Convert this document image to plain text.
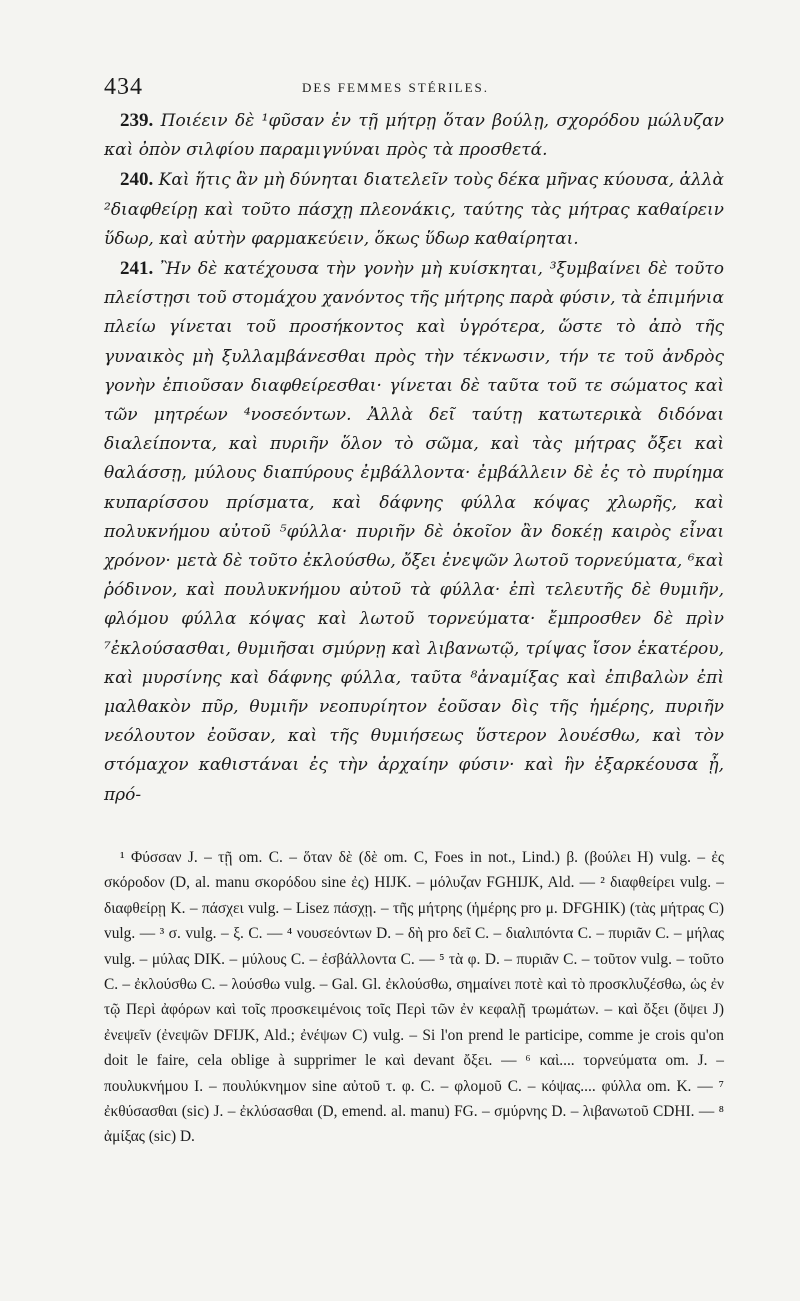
434	DES FEMMES STÉRILES.

239. Ποιέειν δὲ ¹φῦσαν ἐν τῇ μήτρῃ ὅταν βούλῃ, σχορόδου μώλυζαν καὶ ὀπὸν σιλφίου παραμιγνύναι πρὸς τὰ προσθετά.

240. Καὶ ἥτις ἂν μὴ δύνηται διατελεῖν τοὺς δέκα μῆνας κύουσα, ἀλλὰ ²διαφθείρῃ καὶ τοῦτο πάσχῃ πλεονάκις, ταύτης τὰς μήτρας καθαίρειν ὕδωρ, καὶ αὐτὴν φαρμακεύειν, ὅκως ὕδωρ καθαίρηται.

241. Ἢν δὲ κατέχουσα τὴν γονὴν μὴ κυίσκηται, ³ξυμβαίνει δὲ τοῦτο πλείστῃσι τοῦ στομάχου χανόντος τῆς μήτρης παρὰ φύσιν, τὰ ἐπιμήνια πλείω γίνεται τοῦ προσήκοντος καὶ ὑγρότερα, ὥστε τὸ ἀπὸ τῆς γυναικὸς μὴ ξυλλαμβάνεσθαι πρὸς τὴν τέκνωσιν, τήν τε τοῦ ἀνδρὸς γονὴν ἐπιοῦσαν διαφθείρεσθαι· γίνεται δὲ ταῦτα τοῦ τε σώματος καὶ τῶν μητρέων ⁴νοσεόντων. Ἀλλὰ δεῖ ταύτῃ κατωτερικὰ διδόναι διαλείποντα, καὶ πυριῆν ὅλον τὸ σῶμα, καὶ τὰς μήτρας ὄξει καὶ θαλάσσῃ, μύλους διαπύρους ἐμβάλλοντα· ἐμβάλλειν δὲ ἐς τὸ πυρίημα κυπαρίσσου πρίσματα, καὶ δάφνης φύλλα κόψας χλωρῆς, καὶ πολυκνήμου αὐτοῦ ⁵φύλλα· πυριῆν δὲ ὁκοῖον ἂν δοκέῃ καιρὸς εἶναι χρόνον· μετὰ δὲ τοῦτο ἐκλούσθω, ὄξει ἐνεψῶν λωτοῦ τορνεύματα, ⁶καὶ ῥόδινον, καὶ πουλυκνήμου αὐτοῦ τὰ φύλλα· ἐπὶ τελευτῆς δὲ θυμιῆν, φλόμου φύλλα κόψας καὶ λωτοῦ τορνεύματα· ἔμπροσθεν δὲ πρὶν ⁷ἐκλούσασθαι, θυμιῆσαι σμύρνῃ καὶ λιβανωτῷ, τρίψας ἴσον ἑκατέρου, καὶ μυρσίνης καὶ δάφνης φύλλα, ταῦτα ⁸ἀναμίξας καὶ ἐπιβαλὼν ἐπὶ μαλθακὸν πῦρ, θυμιῆν νεοπυρίητον ἐοῦσαν δὶς τῆς ἡμέρης, πυριῆν νεόλουτον ἐοῦσαν, καὶ τῆς θυμιήσεως ὕστερον λουέσθω, καὶ τὸν στόμαχον καθιστάναι ἐς τὴν ἀρχαίην φύσιν· καὶ ἣν ἐξαρκέουσα ᾖ, πρό-

¹ Φύσσαν J. – τῇ om. C. – ὅταν δὲ (δὲ om. C, Foes in not., Lind.) β. (βούλει H) vulg. – ἐς σκόροδον (D, al. manu σκορόδου sine ἐς) HIJK. – μόλυζαν FGHIJK, Ald. — ² διαφθείρει vulg. – διαφθείρῃ K. – πάσχει vulg. – Lisez πάσχῃ. – τῆς μήτρης (ἡμέρης pro μ. DFGHIK) (τὰς μήτρας C) vulg. — ³ σ. vulg. – ξ. C. — ⁴ νουσεόντων D. – δὴ pro δεῖ C. – διαλιπόντα C. – πυριᾶν C. – μήλας vulg. – μύλας DIK. – μύλους C. – ἐσβάλλοντα C. — ⁵ τὰ φ. D. – πυριᾶν C. – τοῦτον vulg. – τοῦτο C. – ἐκλούσθω C. – λούσθω vulg. – Gal. Gl. ἐκλούσθω, σημαίνει ποτὲ καὶ τὸ προσκλυζέσθω, ὡς ἐν τῷ Περὶ ἀφόρων καὶ τοῖς προσκειμένοις τοῖς Περὶ τῶν ἐν κεφαλῇ τρωμάτων. – καὶ ὄξει (ὄψει J) ἐνεψεῖν (ἐνεψῶν DFIJK, Ald.; ἐνέψων C) vulg. – Si l'on prend le participe, comme je crois qu'on doit le faire, cela oblige à supprimer le καὶ devant ὄξει. — ⁶ καὶ.... τορνεύματα om. J. – πουλυκνήμου I. – πουλύκνημον sine αὐτοῦ τ. φ. C. – φλομοῦ C. – κόψας.... φύλλα om. K. — ⁷ ἐκθύσασθαι (sic) J. – ἐκλύσασθαι (D, emend. al. manu) FG. – σμύρνης D. – λιβανωτοῦ CDHI. — ⁸ ἀμίξας (sic) D.
